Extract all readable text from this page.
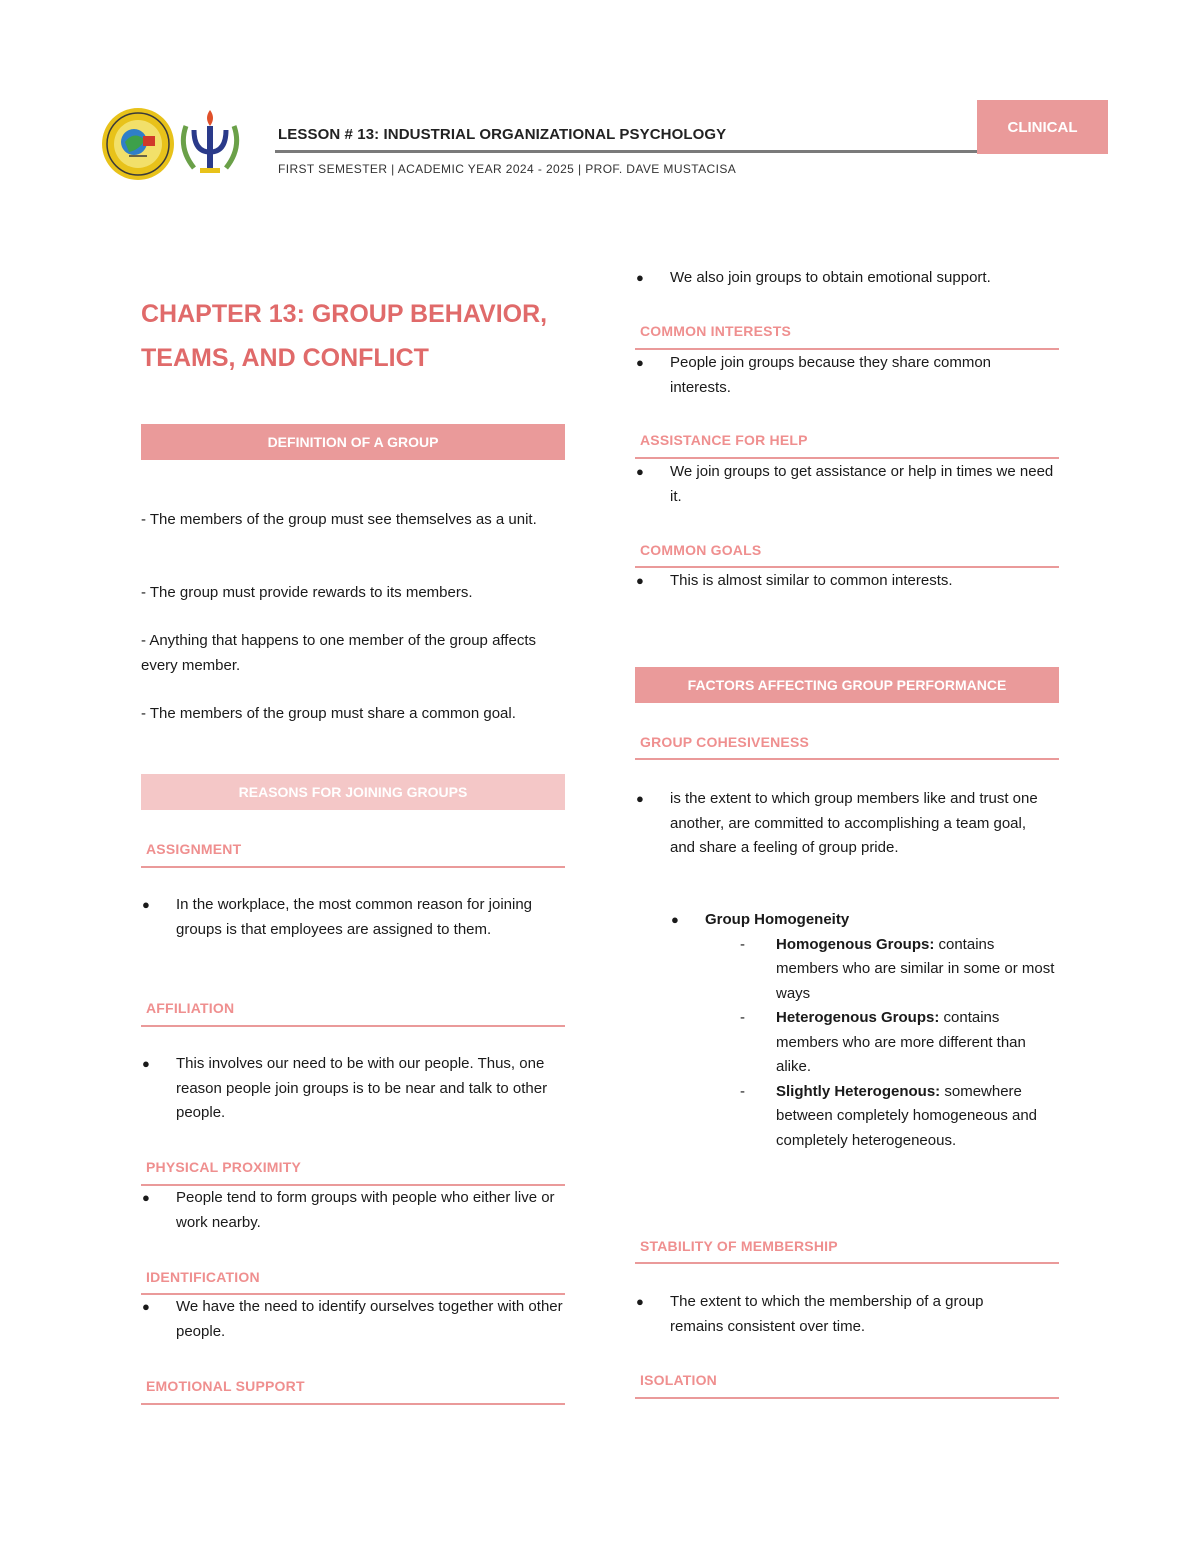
LESSON # 13: INDUSTRIAL ORGANIZATIONAL PSYCHOLOGY
FIRST SEMESTER | ACADEMIC YEAR 2024 - 2025 | PROF. DAVE MUSTACISA
CLINICAL
CHAPTER 13: GROUP BEHAVIOR, TEAMS, AND CONFLICT
DEFINITION OF A GROUP
- The members of the group must see themselves as a unit.
- The group must provide rewards to its members.
- Anything that happens to one member of the group affects every member.
- The members of the group must share a common goal.
REASONS FOR JOINING GROUPS
ASSIGNMENT
● In the workplace, the most common reason for joining groups is that employees are assigned to them.
AFFILIATION
● This involves our need to be with our people. Thus, one reason people join groups is to be near and talk to other people.
PHYSICAL PROXIMITY
● People tend to form groups with people who either live or work nearby.
IDENTIFICATION
● We have the need to identify ourselves together with other people.
EMOTIONAL SUPPORT
● We also join groups to obtain emotional support.
COMMON INTERESTS
● People join groups because they share common interests.
ASSISTANCE FOR HELP
● We join groups to get assistance or help in times we need it.
COMMON GOALS
● This is almost similar to common interests.
FACTORS AFFECTING GROUP PERFORMANCE
GROUP COHESIVENESS
● is the extent to which group members like and trust one another, are committed to accomplishing a team goal, and share a feeling of group pride.
● Group Homogeneity
- Homogenous Groups: contains members who are similar in some or most ways
- Heterogenous Groups: contains members who are more different than alike.
- Slightly Heterogenous: somewhere between completely homogeneous and completely heterogeneous.
STABILITY OF MEMBERSHIP
● The extent to which the membership of a group remains consistent over time.
ISOLATION
